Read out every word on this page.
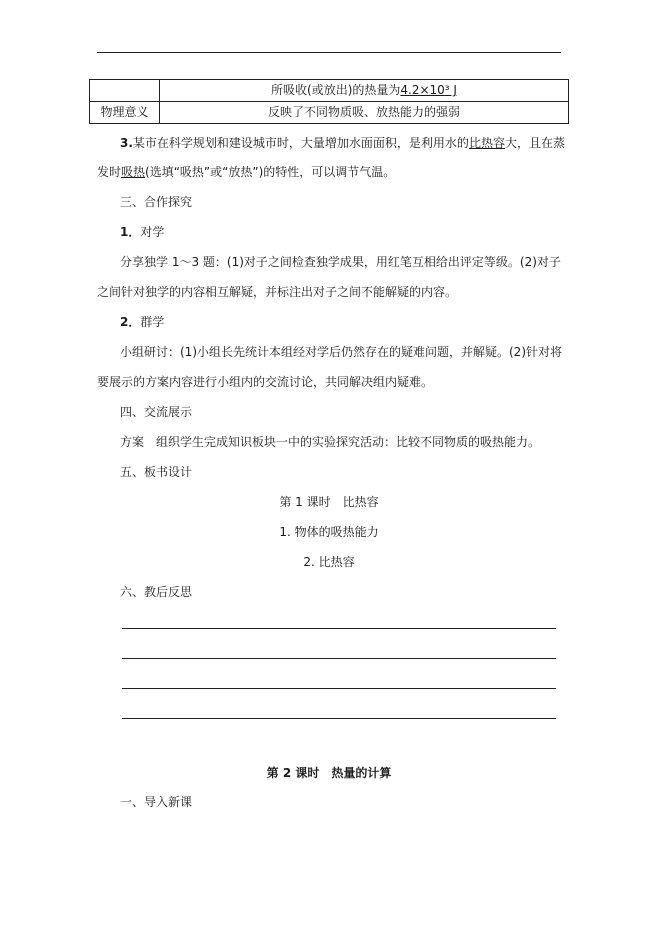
	所吸收(或放出)的热量为4.2×10³ J
物理意义	反映了不同物质吸、放热能力的强弱
3.某市在科学规划和建设城市时，大量增加水面面积，是利用水的比热容大，且在蒸
发时吸热(选填“吸热”或“放热”)的特性，可以调节气温。
三、合作探究
1．对学
分享独学 1～3 题：(1)对子之间检查独学成果，用红笔互相给出评定等级。(2)对子
之间针对独学的内容相互解疑，并标注出对子之间不能解疑的内容。
2．群学
小组研讨：(1)小组长先统计本组经对学后仍然存在的疑难问题，并解疑。(2)针对将
要展示的方案内容进行小组内的交流讨论，共同解决组内疑难。
四、交流展示
方案　组织学生完成知识板块一中的实验探究活动：比较不同物质的吸热能力。
五、板书设计
第 1 课时　比热容
1. 物体的吸热能力
2. 比热容
六、教后反思
第 2 课时　热量的计算
一、导入新课
